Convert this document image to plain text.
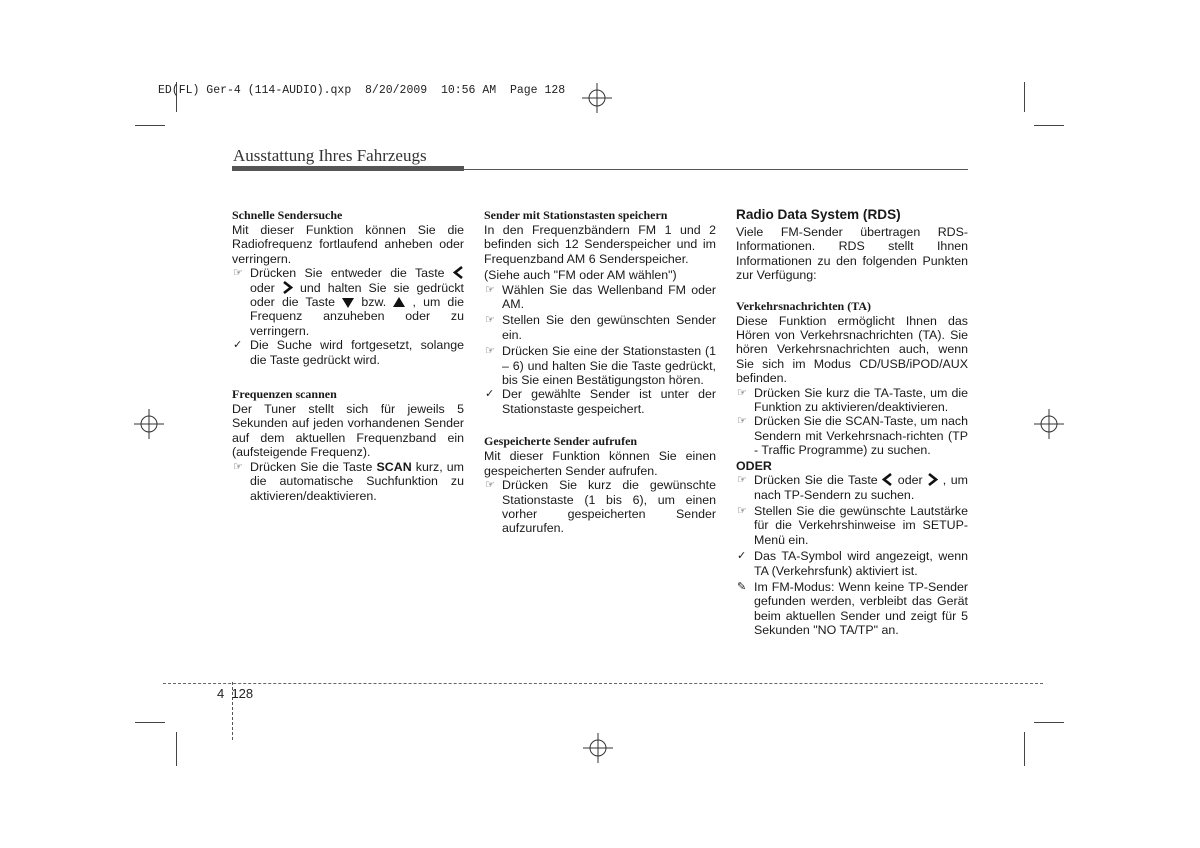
ED(FL) Ger-4 (114-AUDIO).qxp  8/20/2009  10:56 AM  Page 128
Ausstattung Ihres Fahrzeugs
Schnelle Sendersuche

Mit dieser Funktion können Sie die Radiofrequenz fortlaufend anheben oder verringern.

☞ Drücken Sie entweder die Taste  oder und halten Sie sie gedrückt oder die Taste bzw. , um die Frequenz anzuheben oder zu verringern.
✓ Die Suche wird fortgesetzt, solange die Taste gedrückt wird.
Frequenzen scannen

Der Tuner stellt sich für jeweils 5 Sekunden auf jeden vorhandenen Sender auf dem aktuellen Frequenzband ein (aufsteigende Frequenz).

☞ Drücken Sie die Taste SCAN kurz, um die automatische Suchfunktion zu aktivieren/deaktivieren.
Sender mit Stationstasten speichern

In den Frequenzbändern FM 1 und 2 befinden sich 12 Senderspeicher und im Frequenzband AM 6 Senderspeicher.

(Siehe auch "FM oder AM wählen")

☞ Wählen Sie das Wellenband FM oder AM.
☞ Stellen Sie den gewünschten Sender ein.
☞ Drücken Sie eine der Stationstasten (1 – 6) und halten Sie die Taste gedrückt, bis Sie einen Bestätigungston hören.
✓ Der gewählte Sender ist unter der Stationstaste gespeichert.
Gespeicherte Sender aufrufen

Mit dieser Funktion können Sie einen gespeicherten Sender aufrufen.

☞ Drücken Sie kurz die gewünschte Stationstaste (1 bis 6), um einen vorher gespeicherten Sender aufzurufen.
Radio Data System (RDS)

Viele FM-Sender übertragen RDS-Informationen. RDS stellt Ihnen Informationen zu den folgenden Punkten zur Verfügung:

Verkehrsnachrichten (TA)

Diese Funktion ermöglicht Ihnen das Hören von Verkehrsnachrichten (TA). Sie hören Verkehrsnachrichten auch, wenn Sie sich im Modus CD/USB/iPOD/AUX befinden.

☞ Drücken Sie kurz die TA-Taste, um die Funktion zu aktivieren/deaktivieren.
☞ Drücken Sie die SCAN-Taste, um nach Sendern mit Verkehrsnach-richten (TP - Traffic Programme) zu suchen.
ODER
☞ Drücken Sie die Taste oder , um nach TP-Sendern zu suchen.
☞ Stellen Sie die gewünschte Lautstärke für die Verkehrshinweise im SETUP-Menü ein.
✓ Das TA-Symbol wird angezeigt, wenn TA (Verkehrsfunk) aktiviert ist.
✎ Im FM-Modus: Wenn keine TP-Sender gefunden werden, verbleibt das Gerät beim aktuellen Sender und zeigt für 5 Sekunden "NO TA/TP" an.
4  128
